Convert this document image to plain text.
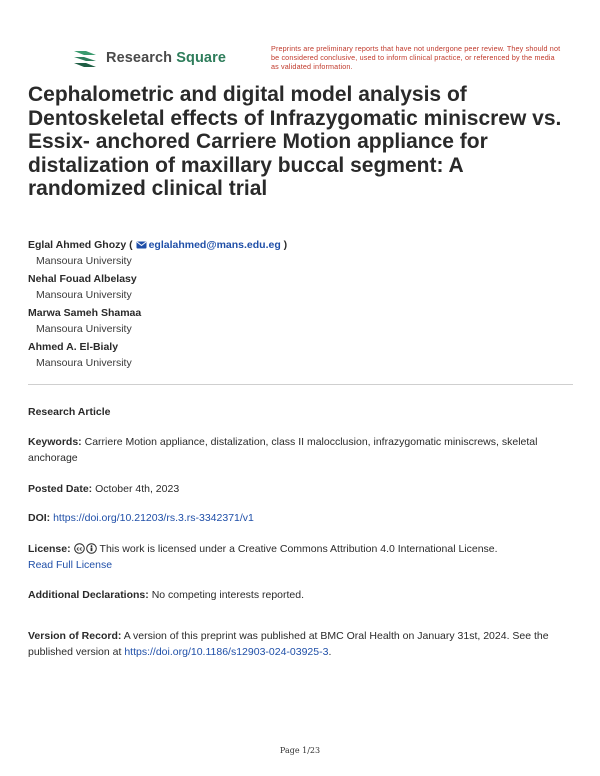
Research Square
Preprints are preliminary reports that have not undergone peer review. They should not be considered conclusive, used to inform clinical practice, or referenced by the media as validated information.
Cephalometric and digital model analysis of Dentoskeletal effects of Infrazygomatic miniscrew vs. Essix- anchored Carriere Motion appliance for distalization of maxillary buccal segment: A randomized clinical trial
Eglal Ahmed Ghozy ( eglalahmed@mans.edu.eg )
Mansoura University
Nehal Fouad Albelasy
Mansoura University
Marwa Sameh Shamaa
Mansoura University
Ahmed A. El-Bialy
Mansoura University
Research Article
Keywords: Carriere Motion appliance, distalization, class II malocclusion, infrazygomatic miniscrews, skeletal anchorage
Posted Date: October 4th, 2023
DOI: https://doi.org/10.21203/rs.3.rs-3342371/v1
License: cc This work is licensed under a Creative Commons Attribution 4.0 International License.
Read Full License
Additional Declarations: No competing interests reported.
Version of Record: A version of this preprint was published at BMC Oral Health on January 31st, 2024. See the published version at https://doi.org/10.1186/s12903-024-03925-3.
Page 1/23
